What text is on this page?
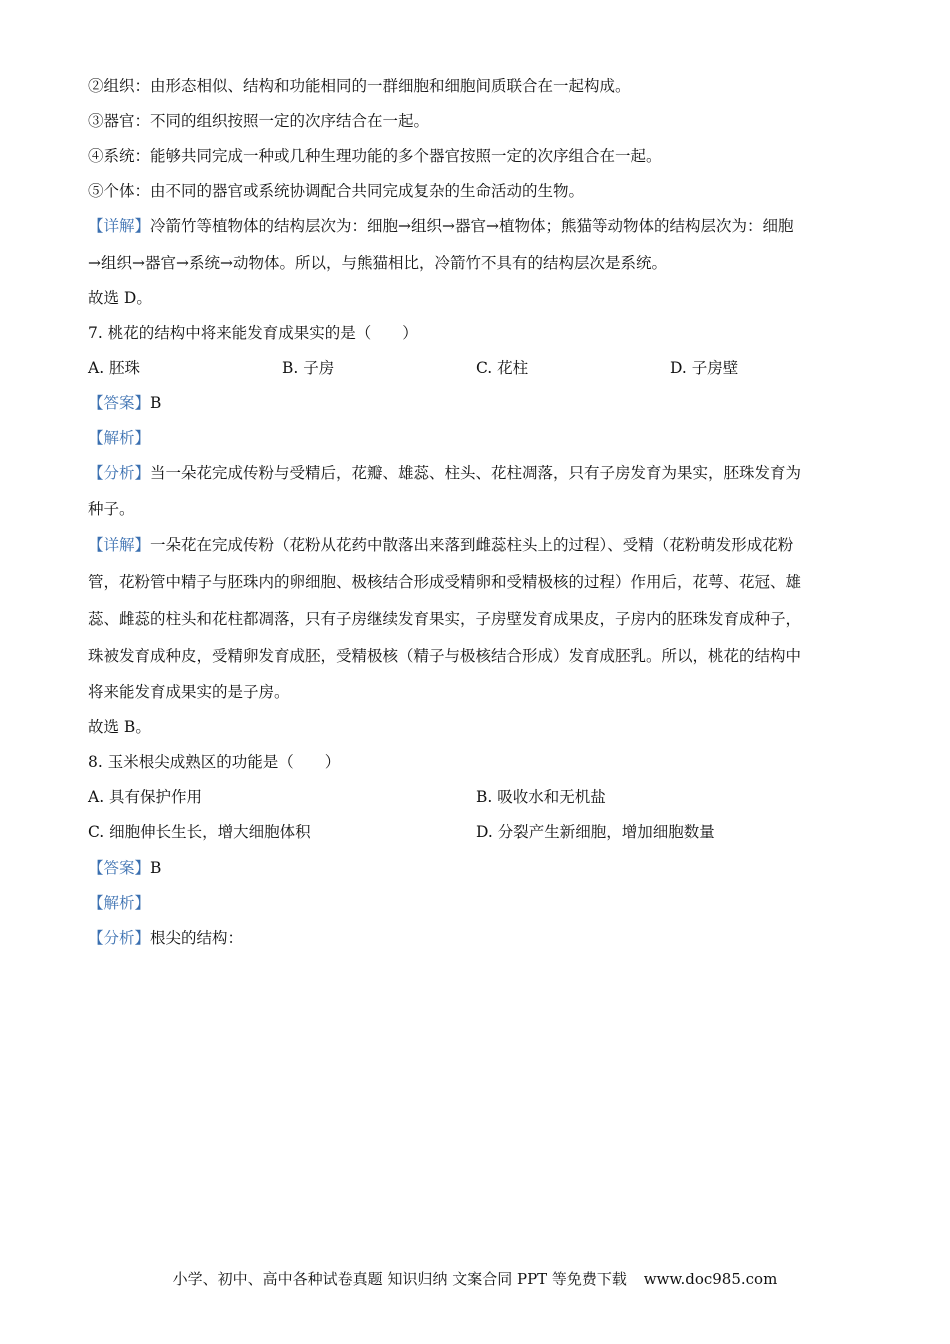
②组织：由形态相似、结构和功能相同的一群细胞和细胞间质联合在一起构成。
③器官：不同的组织按照一定的次序结合在一起。
④系统：能够共同完成一种或几种生理功能的多个器官按照一定的次序组合在一起。
⑤个体：由不同的器官或系统协调配合共同完成复杂的生命活动的生物。
【详解】冷箭竹等植物体的结构层次为：细胞→组织→器官→植物体；熊猫等动物体的结构层次为：细胞
→组织→器官→系统→动物体。所以，与熊猫相比，冷箭竹不具有的结构层次是系统。
故选 D。
7. 桃花的结构中将来能发育成果实的是（　　）
A. 胚珠	B. 子房	C. 花柱	D. 子房壁
【答案】B
【解析】
【分析】当一朵花完成传粉与受精后，花瓣、雄蕊、柱头、花柱凋落，只有子房发育为果实，胚珠发育为
种子。
【详解】一朵花在完成传粉（花粉从花药中散落出来落到雌蕊柱头上的过程）、受精（花粉萌发形成花粉
管，花粉管中精子与胚珠内的卵细胞、极核结合形成受精卵和受精极核的过程）作用后，花萼、花冠、雄
蕊、雌蕊的柱头和花柱都凋落，只有子房继续发育果实，子房壁发育成果皮，子房内的胚珠发育成种子，
珠被发育成种皮，受精卵发育成胚，受精极核（精子与极核结合形成）发育成胚乳。所以，桃花的结构中
将来能发育成果实的是子房。
故选 B。
8. 玉米根尖成熟区的功能是（　　）
A. 具有保护作用	B. 吸收水和无机盐
C. 细胞伸长生长，增大细胞体积	D. 分裂产生新细胞，增加细胞数量
【答案】B
【解析】
【分析】根尖的结构：
小学、初中、高中各种试卷真题 知识归纳 文案合同 PPT 等免费下载 www.doc985.com
